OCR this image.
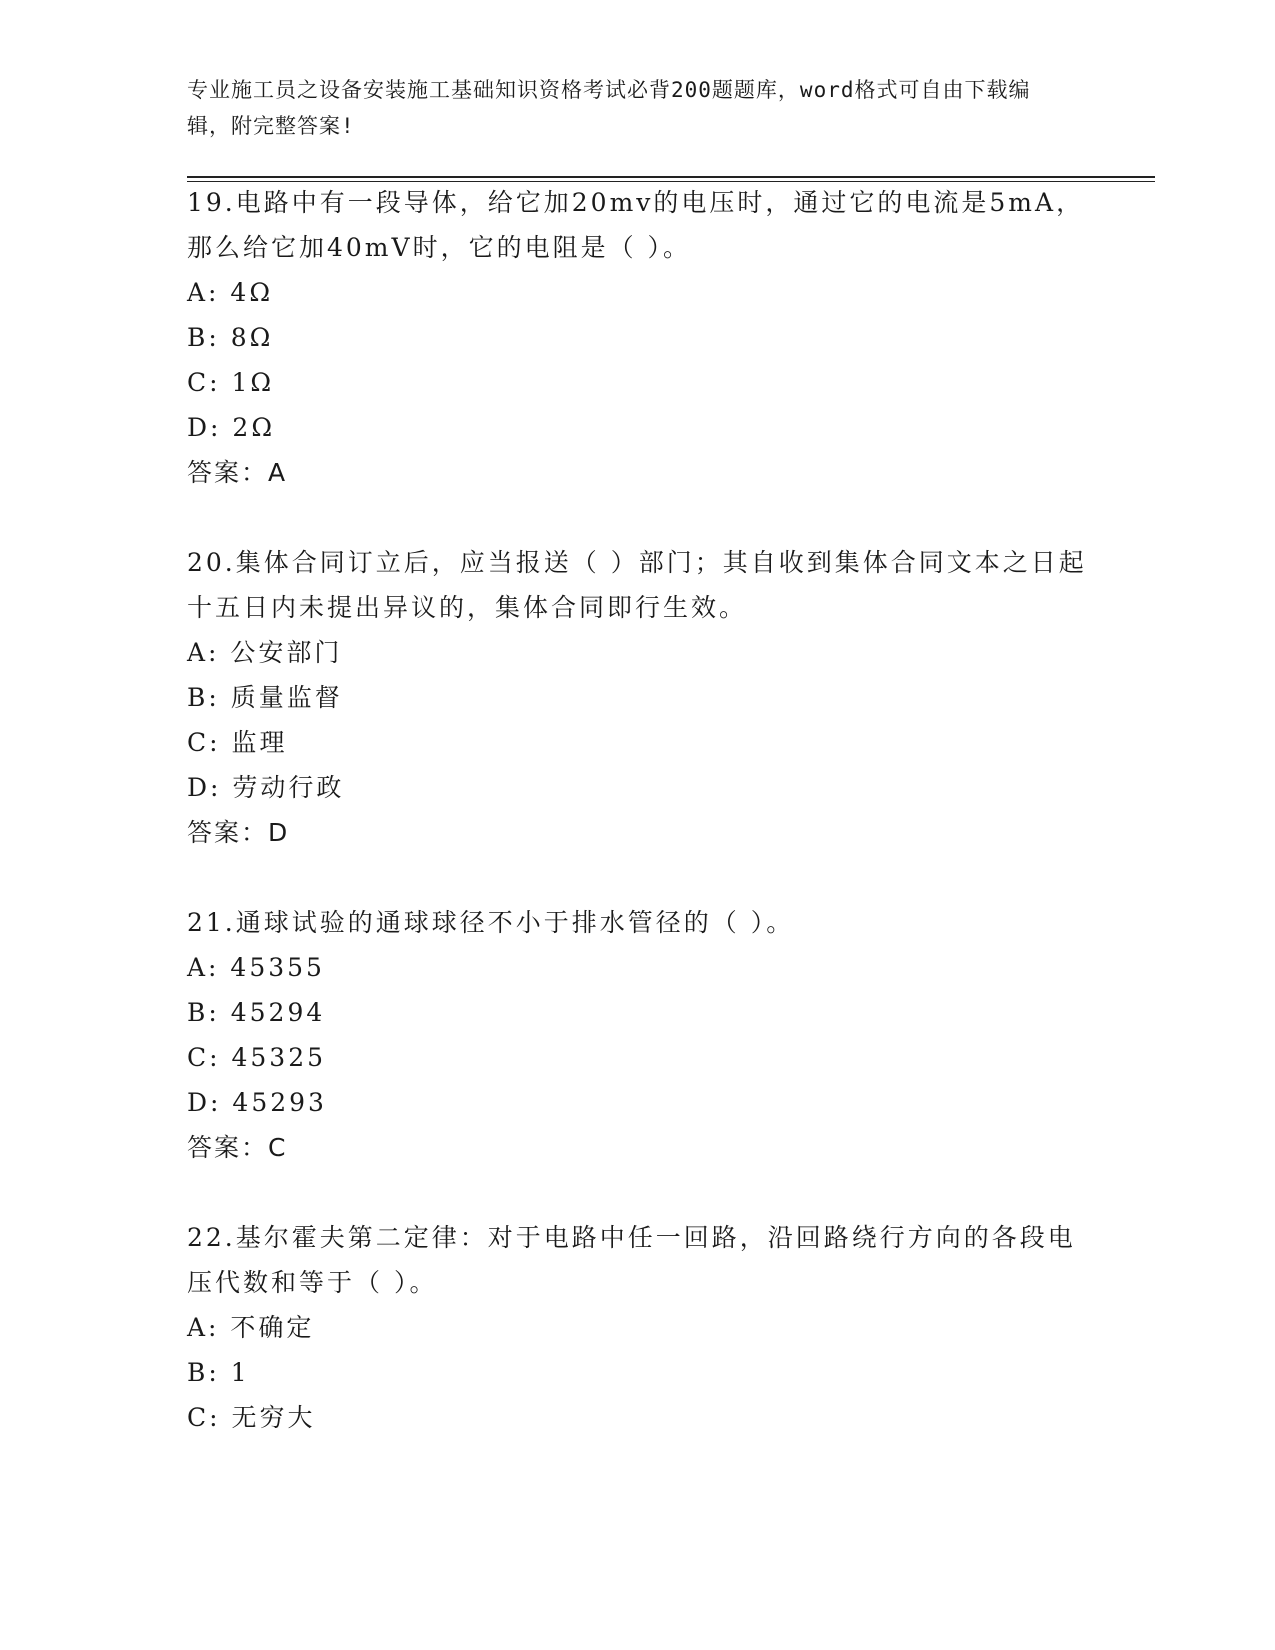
专业施工员之设备安装施工基础知识资格考试必背200题题库，word格式可自由下载编辑，附完整答案!
19.电路中有一段导体，给它加20mv的电压时，通过它的电流是5mA，那么给它加40mV时，它的电阻是（ ）。
A: 4Ω
B: 8Ω
C: 1Ω
D: 2Ω
答案：A
20.集体合同订立后，应当报送（ ）部门；其自收到集体合同文本之日起十五日内未提出异议的，集体合同即行生效。
A: 公安部门
B: 质量监督
C: 监理
D: 劳动行政
答案：D
21.通球试验的通球球径不小于排水管径的（ ）。
A: 45355
B: 45294
C: 45325
D: 45293
答案：C
22.基尔霍夫第二定律：对于电路中任一回路，沿回路绕行方向的各段电压代数和等于（ ）。
A: 不确定
B: 1
C: 无穷大
